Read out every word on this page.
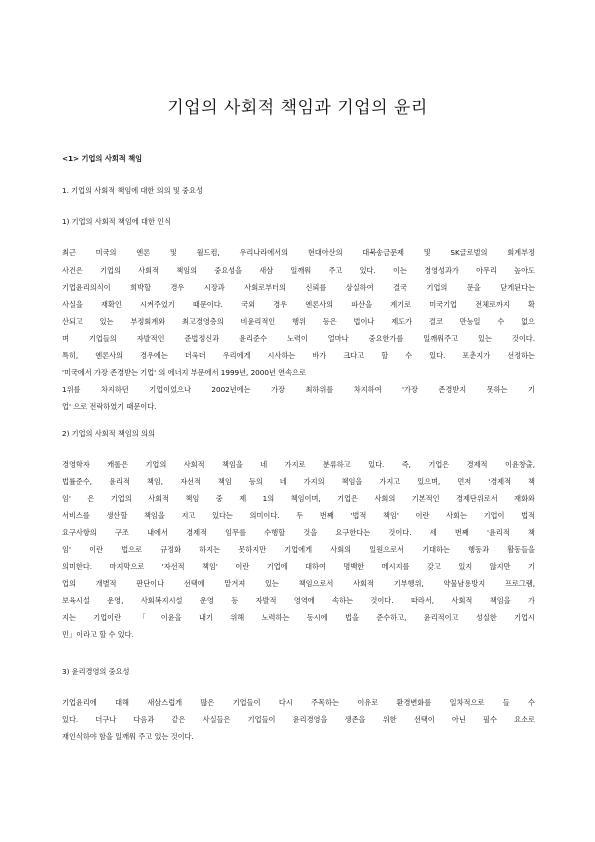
기업의 사회적 책임과 기업의 윤리
<1> 기업의 사회적 책임
1. 기업의 사회적 책임에 대한 의의 및 중요성
1) 기업의 사회적 책임에 대한 인식
최근 미국의 엔론 및 월드컴, 우리나라에서의 현대아산의 대북송금문제 및 SK글로벌의 회계부정
사건은 기업의 사회적 책임의 중요성을 새삼 일깨워 주고 있다. 이는 경영성과가 아무리 높아도
기업윤리의식이 희박할 경우 시장과 사회로부터의 신뢰를 상실하여 결국 기업의 문을 닫게된다는
사실을 재확인 시켜주었기 때문이다. 국외 경우 엔론사의 파산을 계기로 미국기업 전체로까지 확
산되고 있는 부정회계와 최고경영층의 비윤리적인 행위 등은 법이나 제도가 결코 만능일 수 없으
며 기업들의 자발적인 준법정신과 윤리준수 노력이 얼마나 중요한가를 일깨워주고 있는 것이다.
특히, 엔론사의 경우에는 더욱더 우리에게 시사하는 바가 크다고 할 수 있다. 포춘지가 선정하는
'미국에서 가장 존경받는 기업' 의 에너지 부문에서 1999년, 2000년 연속으로
1위를 차지하던 기업이었으나 2002년에는 가장 최하위를 차지하여 '가장 존경받지 못하는 기
업' 으로 전락하였기 때문이다.
2) 기업의 사회적 책임의 의의
경영학자 캐롤은 기업의 사회적 책임을 네 가지로 분류하고 있다. 즉, 기업은 경제적 이윤창출,
법률준수, 윤리적 책임, 자선적 책임 등의 네 가지의 책임을 가지고 있으며, 먼저 '경제적 책
임' 은 기업의 사회적 책임 중 제 1의 책임이며, 기업은 사회의 기본적인 경제단위로서 재화와
서비스를 생산할 책임을 지고 있다는 의미이다. 두 번째 '법적 책임' 이란 사회는 기업이 법적
요구사항의 구조 내에서 경제적 임무를 수행할 것을 요구한다는 것이다. 세 번째 '윤리적 책
임' 이란 법으로 규정화 하지는 못하지만 기업에게 사회의 일원으로서 기대하는 행동과 활동들을
의미한다. 마지막으로 '자선적 책임' 이란 기업에 대하여 명백한 메시지를 갖고 있지 않지만 기
업의 개별적 판단이나 선택에 맡겨져 있는 책임으로서 사회적 기부행위, 약물남용방지 프로그램,
보육시설 운영, 사회복지시설 운영 등 자발적 영역에 속하는 것이다. 따라서, 사회적 책임을 가
지는 기업이란 「이윤을 내기 위해 노력하는 동시에 법을 준수하고, 윤리적이고 성실한 기업시
민」이라고 할 수 있다.
3) 윤리경영의 중요성
기업윤리에 대해 새삼스럽게 많은 기업들이 다시 주목하는 이유로 환경변화를 일차적으로 들 수
있다. 더구나 다음과 같은 사실들은 기업들이 윤리경영을 생존을 위한 선택이 아닌 필수 요소로
재인식하야 함을 일깨워 주고 있는 것이다.
